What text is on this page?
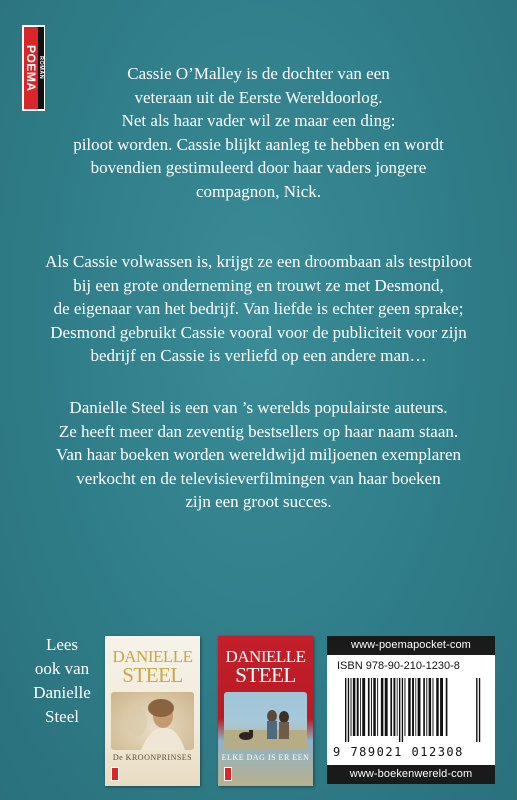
POEMA ROMAN	Cassie O’Malley is de dochter van een
veteraan uit de Eerste Wereldoorlog.
Net als haar vader wil ze maar een ding:
piloot worden. Cassie blijkt aanleg te hebben en wordt
bovendien gestimuleerd door haar vaders jongere
compagnon, Nick.
Als Cassie volwassen is, krijgt ze een droombaan als testpiloot
bij een grote onderneming en trouwt ze met Desmond,
de eigenaar van het bedrijf. Van liefde is echter geen sprake;
Desmond gebruikt Cassie vooral voor de publiciteit voor zijn
bedrijf en Cassie is verliefd op een andere man…
Danielle Steel is een van ’s werelds populairste auteurs.
Ze heeft meer dan zeventig bestsellers op haar naam staan.
Van haar boeken worden wereldwijd miljoenen exemplaren
verkocht en de televisieverfilmingen van haar boeken
zijn een groot succes.
Lees
ook van
Danielle
Steel
DANIELLE
STEEL
De KROONPRINSES
DANIELLE
STEEL
ELKE DAG IS ER EEN
www-poemapocket-com
ISBN 978-90-210-1230-8
9 789021 012308
www-boekenwereld-com
